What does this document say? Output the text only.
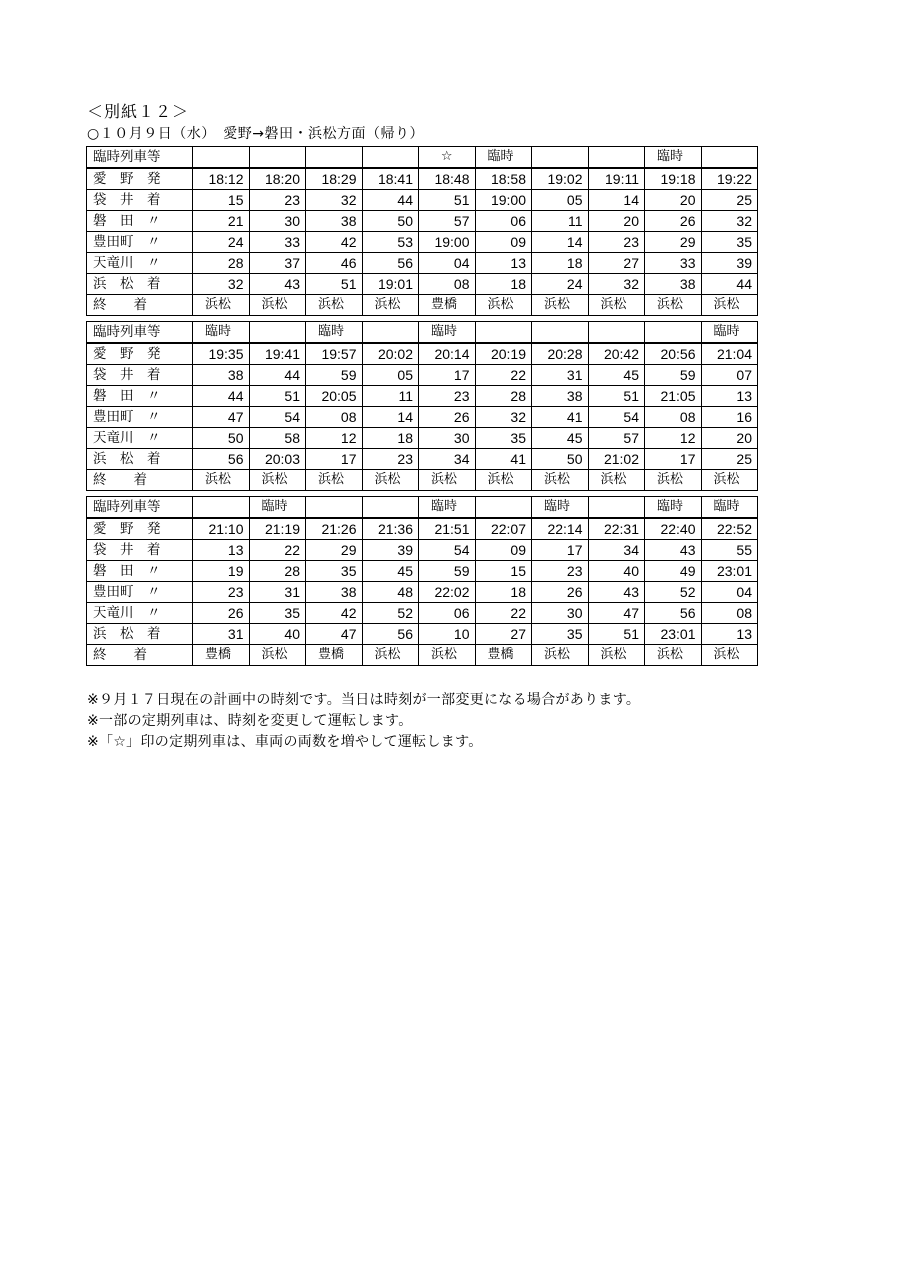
＜別紙１２＞
○１０月９日（水）　愛野→磐田・浜松方面（帰り）
臨時列車等					☆	臨時			臨時	
愛　野　発	18:12	18:20	18:29	18:41	18:48	18:58	19:02	19:11	19:18	19:22
袋　井　着	15	23	32	44	51	19:00	05	14	20	25
磐　田　〃	21	30	38	50	57	06	11	20	26	32
豊田町　〃	24	33	42	53	19:00	09	14	23	29	35
天竜川　〃	28	37	46	56	04	13	18	27	33	39
浜　松　着	32	43	51	19:01	08	18	24	32	38	44
終　　着	浜松	浜松	浜松	浜松	豊橋	浜松	浜松	浜松	浜松	浜松
臨時列車等	臨時		臨時		臨時					臨時
愛　野　発	19:35	19:41	19:57	20:02	20:14	20:19	20:28	20:42	20:56	21:04
袋　井　着	38	44	59	05	17	22	31	45	59	07
磐　田　〃	44	51	20:05	11	23	28	38	51	21:05	13
豊田町　〃	47	54	08	14	26	32	41	54	08	16
天竜川　〃	50	58	12	18	30	35	45	57	12	20
浜　松　着	56	20:03	17	23	34	41	50	21:02	17	25
終　　着	浜松	浜松	浜松	浜松	浜松	浜松	浜松	浜松	浜松	浜松
臨時列車等		臨時			臨時		臨時		臨時	臨時
愛　野　発	21:10	21:19	21:26	21:36	21:51	22:07	22:14	22:31	22:40	22:52
袋　井　着	13	22	29	39	54	09	17	34	43	55
磐　田　〃	19	28	35	45	59	15	23	40	49	23:01
豊田町　〃	23	31	38	48	22:02	18	26	43	52	04
天竜川　〃	26	35	42	52	06	22	30	47	56	08
浜　松　着	31	40	47	56	10	27	35	51	23:01	13
終　　着	豊橋	浜松	豊橋	浜松	浜松	豊橋	浜松	浜松	浜松	浜松
※９月１７日現在の計画中の時刻です。当日は時刻が一部変更になる場合があります。
※一部の定期列車は、時刻を変更して運転します。
※「☆」印の定期列車は、車両の両数を増やして運転します。
